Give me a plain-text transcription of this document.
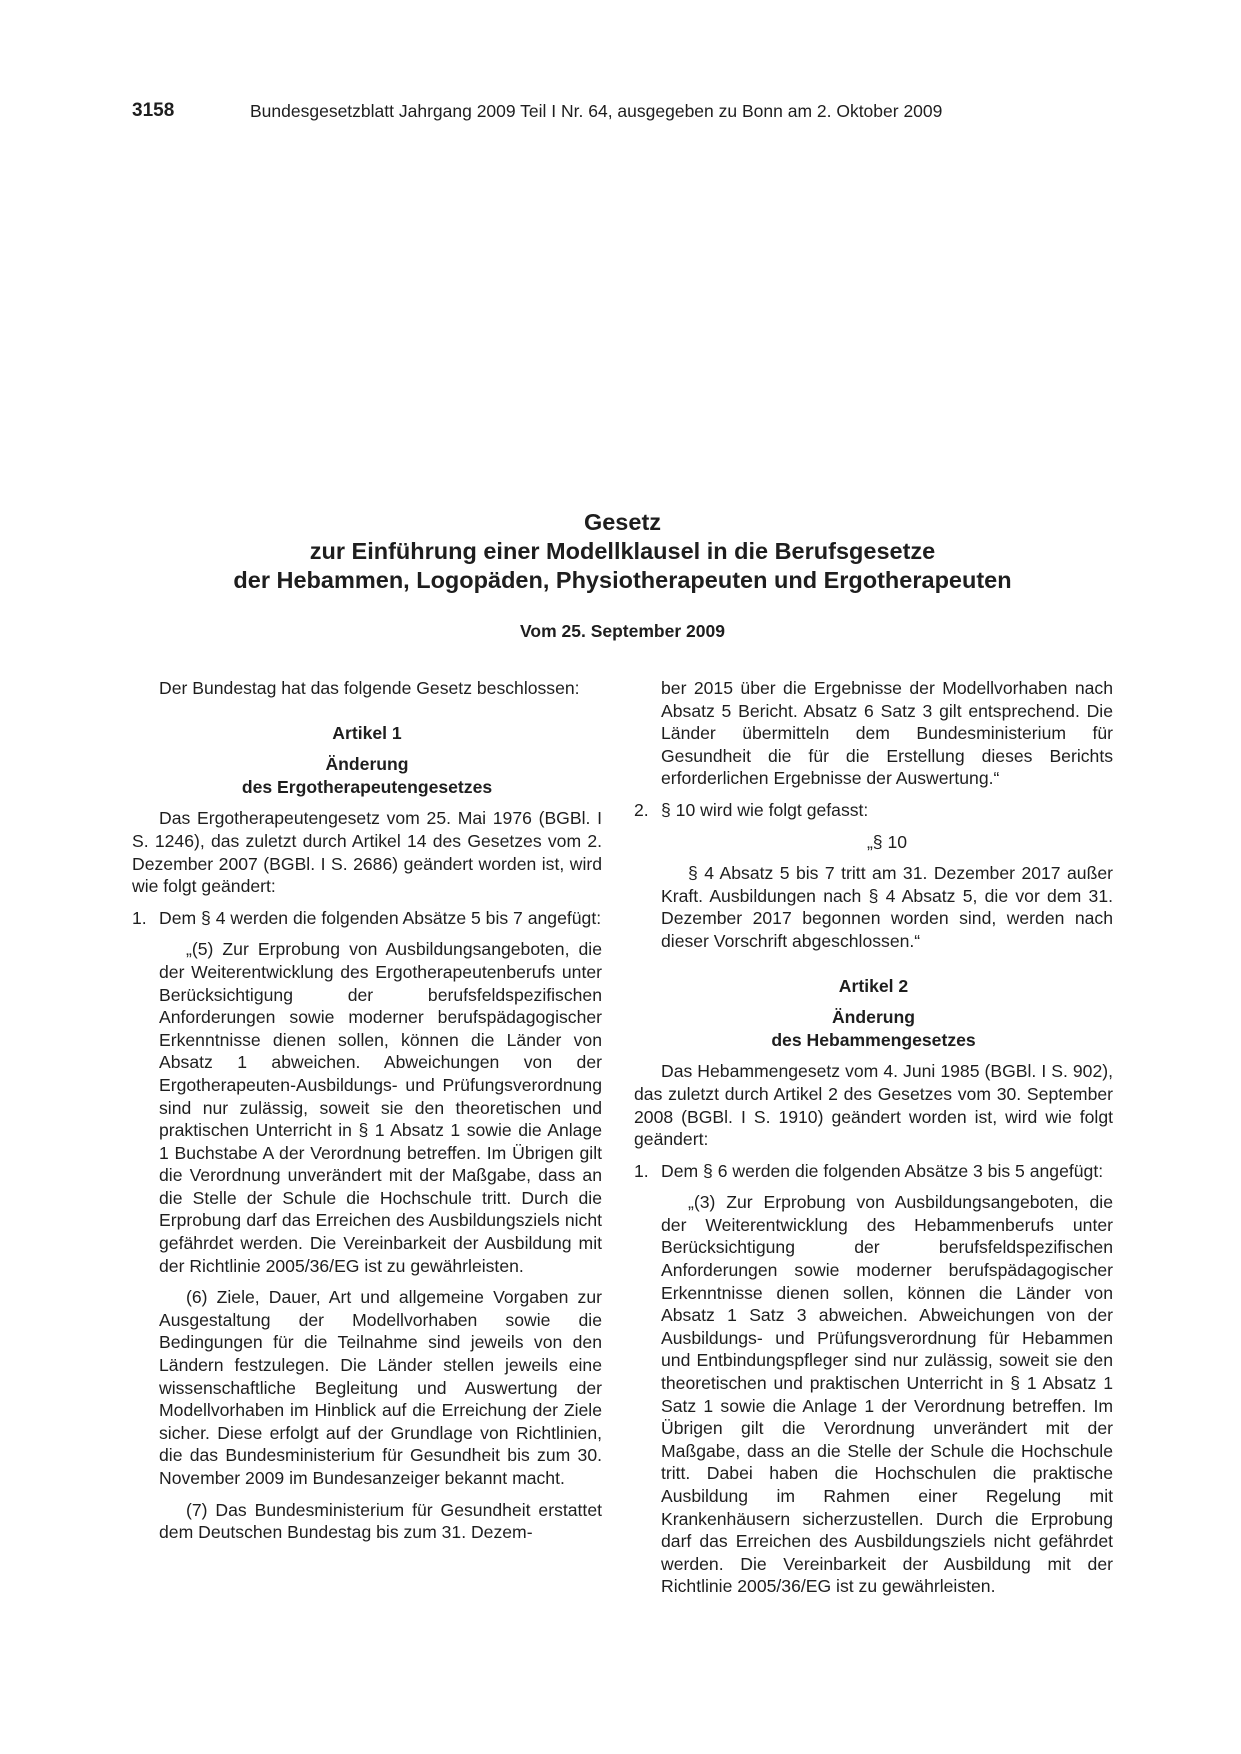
3158	Bundesgesetzblatt Jahrgang 2009 Teil I Nr. 64, ausgegeben zu Bonn am 2. Oktober 2009
Gesetz
zur Einführung einer Modellklausel in die Berufsgesetze
der Hebammen, Logopäden, Physiotherapeuten und Ergotherapeuten
Vom 25. September 2009

Der Bundestag hat das folgende Gesetz beschlossen:

Artikel 1
Änderung
des Ergotherapeutengesetzes

Das Ergotherapeutengesetz vom 25. Mai 1976 (BGBl. I S. 1246), das zuletzt durch Artikel 14 des Gesetzes vom 2. Dezember 2007 (BGBl. I S. 2686) geändert worden ist, wird wie folgt geändert:

1. Dem § 4 werden die folgenden Absätze 5 bis 7 angefügt:

„(5) Zur Erprobung von Ausbildungsangeboten, die der Weiterentwicklung des Ergotherapeutenberufs unter Berücksichtigung der berufsfeldspezifischen Anforderungen sowie moderner berufspädagogischer Erkenntnisse dienen sollen, können die Länder von Absatz 1 abweichen. Abweichungen von der Ergotherapeuten-Ausbildungs- und Prüfungsverordnung sind nur zulässig, soweit sie den theoretischen und praktischen Unterricht in § 1 Absatz 1 sowie die Anlage 1 Buchstabe A der Verordnung betreffen. Im Übrigen gilt die Verordnung unverändert mit der Maßgabe, dass an die Stelle der Schule die Hochschule tritt. Durch die Erprobung darf das Erreichen des Ausbildungsziels nicht gefährdet werden. Die Vereinbarkeit der Ausbildung mit der Richtlinie 2005/36/EG ist zu gewährleisten.

(6) Ziele, Dauer, Art und allgemeine Vorgaben zur Ausgestaltung der Modellvorhaben sowie die Bedingungen für die Teilnahme sind jeweils von den Ländern festzulegen. Die Länder stellen jeweils eine wissenschaftliche Begleitung und Auswertung der Modellvorhaben im Hinblick auf die Erreichung der Ziele sicher. Diese erfolgt auf der Grundlage von Richtlinien, die das Bundesministerium für Gesundheit bis zum 30. November 2009 im Bundesanzeiger bekannt macht.

(7) Das Bundesministerium für Gesundheit erstattet dem Deutschen Bundestag bis zum 31. Dezem-

ber 2015 über die Ergebnisse der Modellvorhaben nach Absatz 5 Bericht. Absatz 6 Satz 3 gilt entsprechend. Die Länder übermitteln dem Bundesministerium für Gesundheit die für die Erstellung dieses Berichts erforderlichen Ergebnisse der Auswertung.“

2. § 10 wird wie folgt gefasst:
„§ 10

§ 4 Absatz 5 bis 7 tritt am 31. Dezember 2017 außer Kraft. Ausbildungen nach § 4 Absatz 5, die vor dem 31. Dezember 2017 begonnen worden sind, werden nach dieser Vorschrift abgeschlossen.“

Artikel 2
Änderung
des Hebammengesetzes

Das Hebammengesetz vom 4. Juni 1985 (BGBl. I S. 902), das zuletzt durch Artikel 2 des Gesetzes vom 30. September 2008 (BGBl. I S. 1910) geändert worden ist, wird wie folgt geändert:

1. Dem § 6 werden die folgenden Absätze 3 bis 5 angefügt:

„(3) Zur Erprobung von Ausbildungsangeboten, die der Weiterentwicklung des Hebammenberufs unter Berücksichtigung der berufsfeldspezifischen Anforderungen sowie moderner berufspädagogischer Erkenntnisse dienen sollen, können die Länder von Absatz 1 Satz 3 abweichen. Abweichungen von der Ausbildungs- und Prüfungsverordnung für Hebammen und Entbindungspfleger sind nur zulässig, soweit sie den theoretischen und praktischen Unterricht in § 1 Absatz 1 Satz 1 sowie die Anlage 1 der Verordnung betreffen. Im Übrigen gilt die Verordnung unverändert mit der Maßgabe, dass an die Stelle der Schule die Hochschule tritt. Dabei haben die Hochschulen die praktische Ausbildung im Rahmen einer Regelung mit Krankenhäusern sicherzustellen. Durch die Erprobung darf das Erreichen des Ausbildungsziels nicht gefährdet werden. Die Vereinbarkeit der Ausbildung mit der Richtlinie 2005/36/EG ist zu gewährleisten.
